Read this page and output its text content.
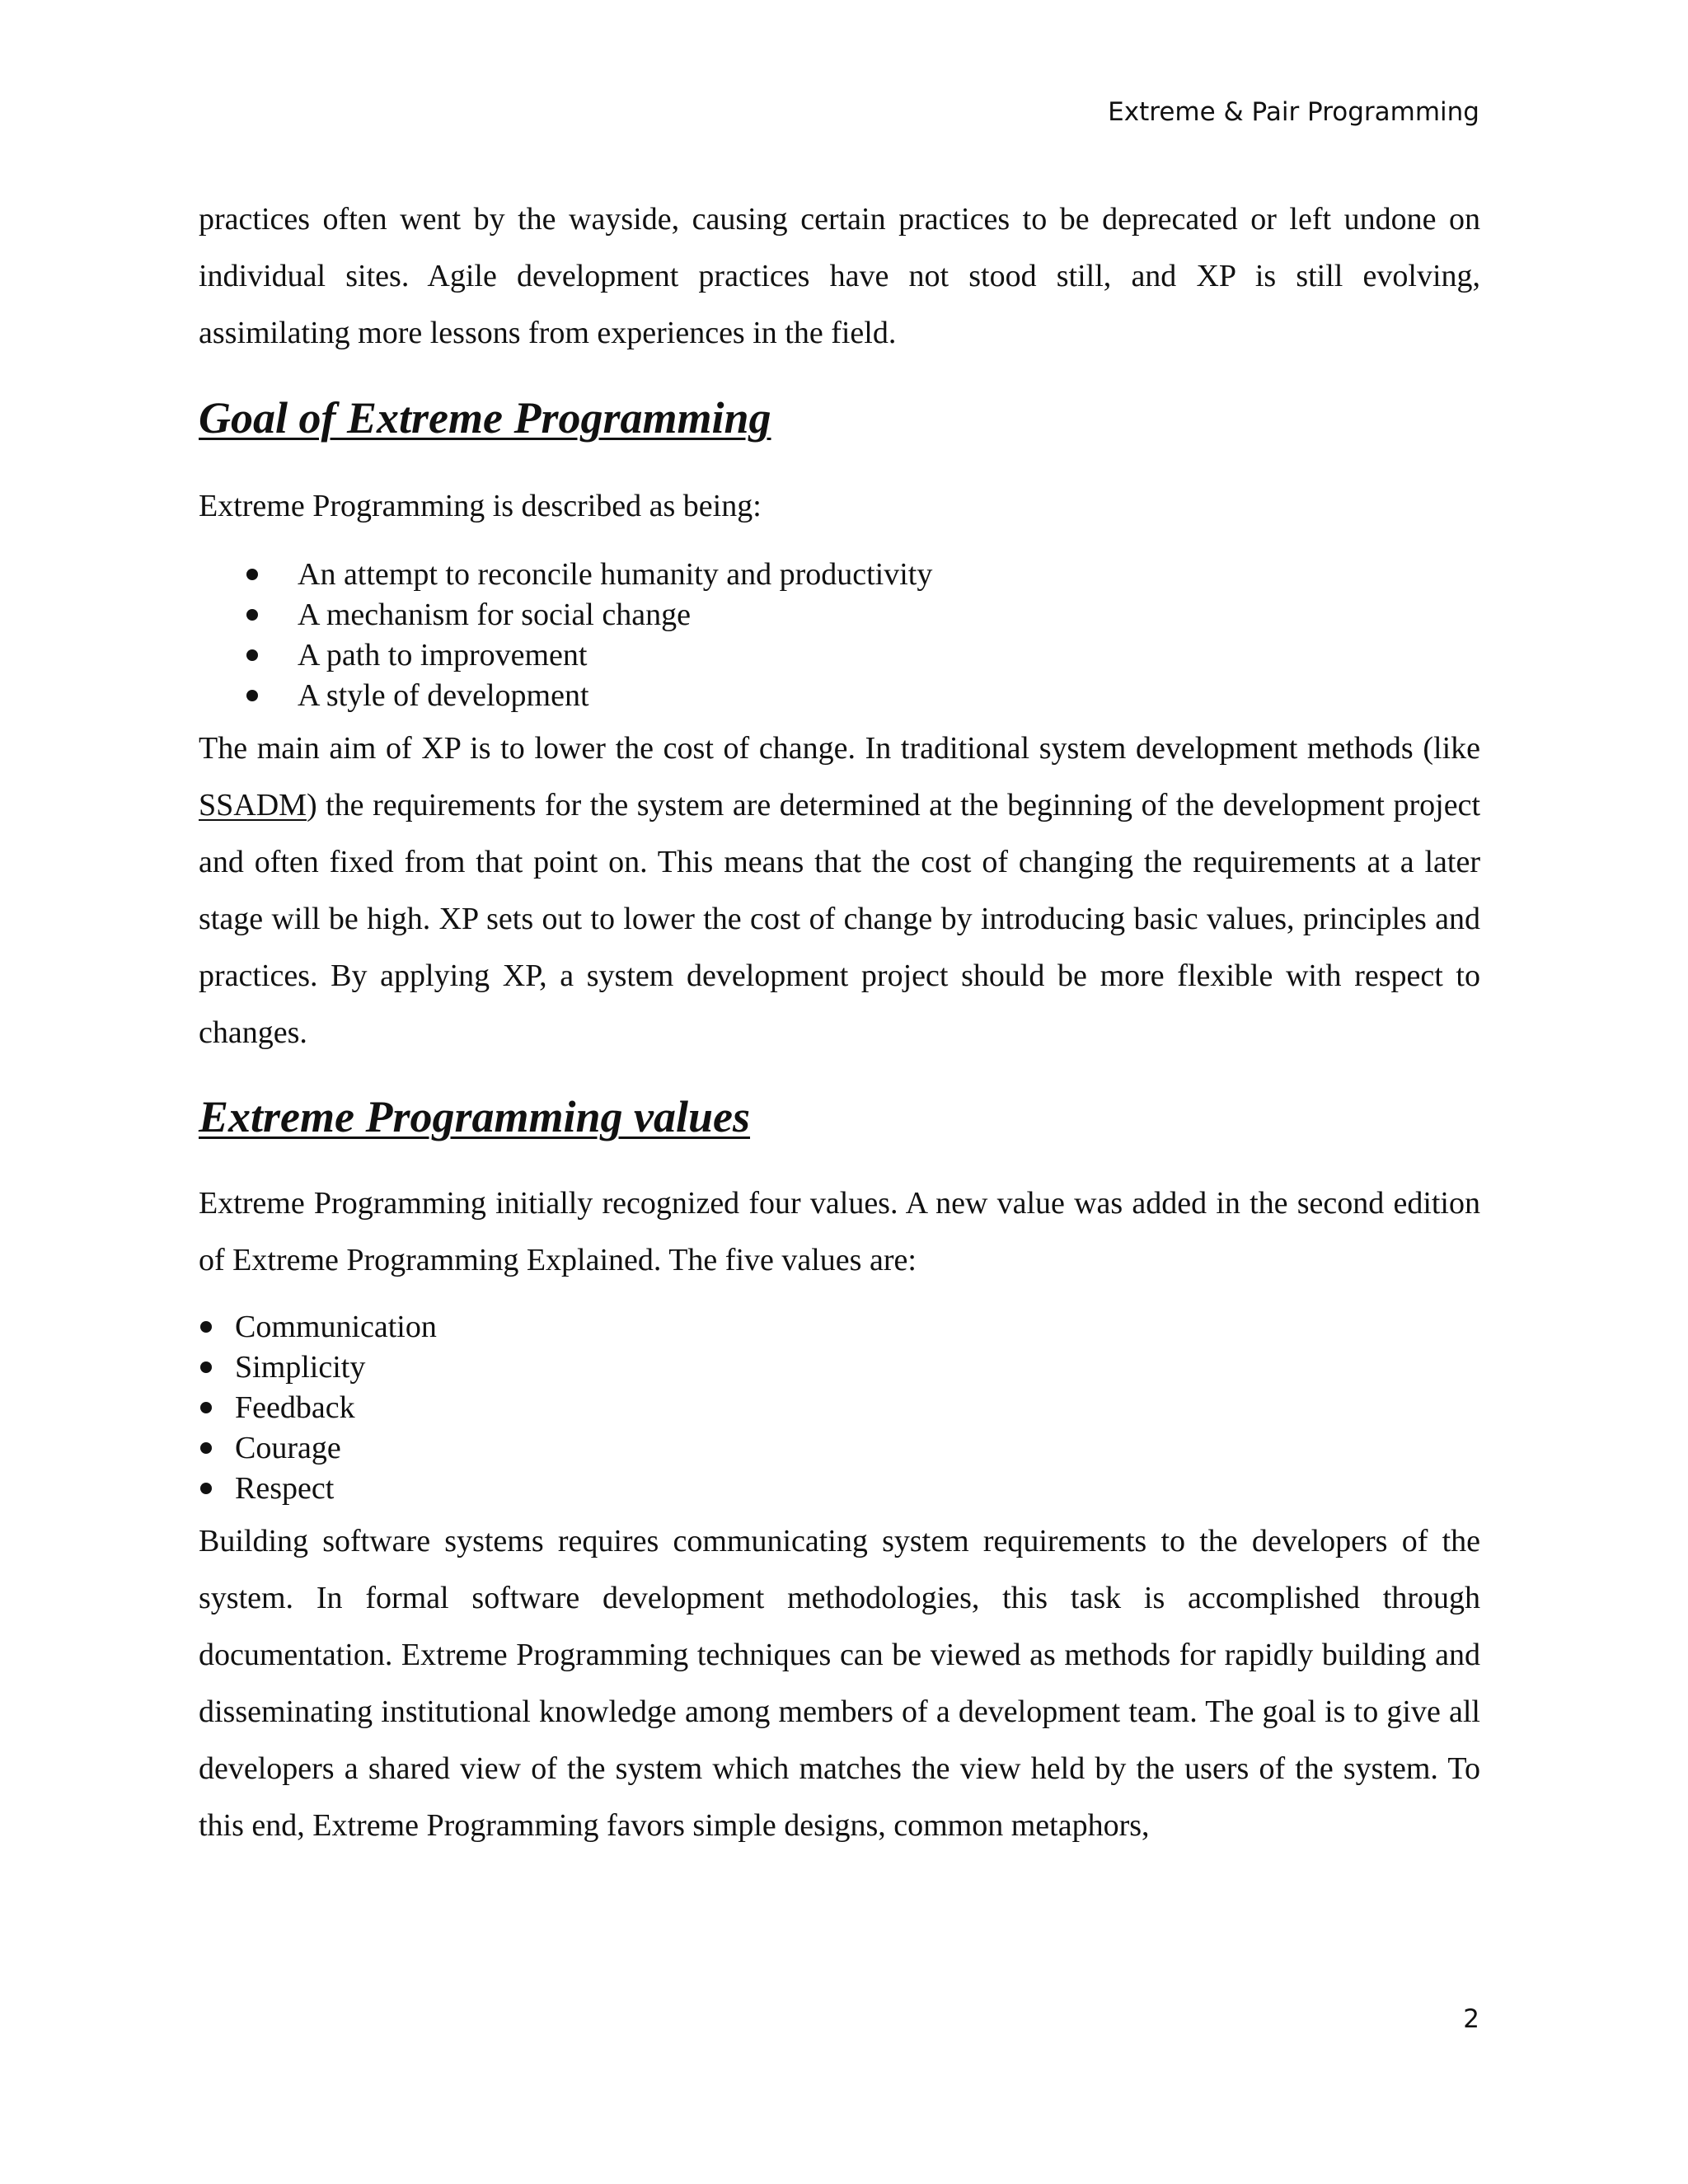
Extreme & Pair Programming

practices often went by the wayside, causing certain practices to be deprecated or left undone on individual sites. Agile development practices have not stood still, and XP is still evolving, assimilating more lessons from experiences in the field.

Goal of Extreme Programming

Extreme Programming is described as being:

An attempt to reconcile humanity and productivity
A mechanism for social change
A path to improvement
A style of development

The main aim of XP is to lower the cost of change. In traditional system development methods (like SSADM) the requirements for the system are determined at the beginning of the development project and often fixed from that point on. This means that the cost of changing the requirements at a later stage will be high. XP sets out to lower the cost of change by introducing basic values, principles and practices. By applying XP, a system development project should be more flexible with respect to changes.

Extreme Programming values

Extreme Programming initially recognized four values. A new value was added in the second edition of Extreme Programming Explained. The five values are:

Communication
Simplicity
Feedback
Courage
Respect

Building software systems requires communicating system requirements to the developers of the system. In formal software development methodologies, this task is accomplished through documentation. Extreme Programming techniques can be viewed as methods for rapidly building and disseminating institutional knowledge among members of a development team. The goal is to give all developers a shared view of the system which matches the view held by the users of the system. To this end, Extreme Programming favors simple designs, common metaphors,

2
